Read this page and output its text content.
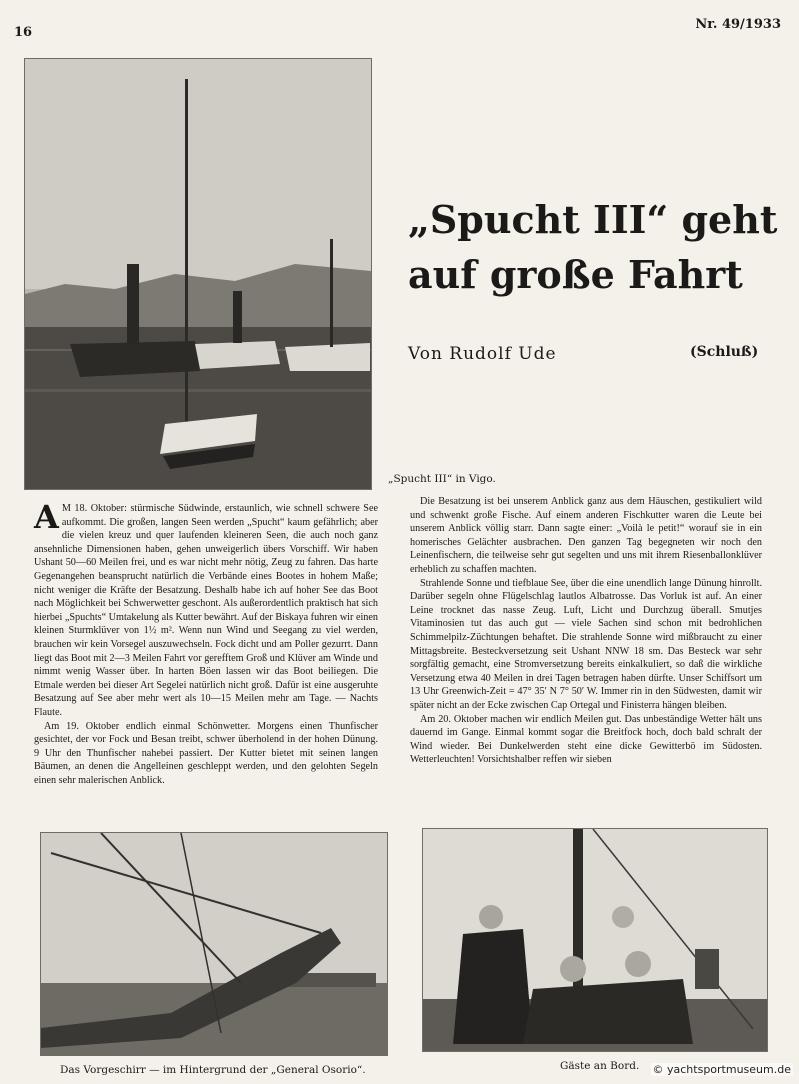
16
Nr. 49/1933
„Spucht III“ geht
auf große Fahrt
Von Rudolf Ude	(Schluß)
„Spucht III“ in Vigo.

A M 18. Oktober: stürmische Südwinde, erstaunlich, wie schnell schwere See aufkommt. Die großen, langen Seen werden „Spucht“ kaum gefährlich; aber die vielen kreuz und quer laufenden kleineren Seen, die auch noch ganz ansehnliche Dimensionen haben, gehen unweigerlich übers Vorschiff. Wir haben Ushant 50—60 Meilen frei, und es war nicht mehr nötig, Zeug zu fahren. Das harte Gegenangehen beansprucht natürlich die Verbände eines Bootes in hohem Maße; nicht weniger die Kräfte der Besatzung. Deshalb habe ich auf hoher See das Boot nach Möglichkeit bei Schwerwetter geschont. Als außerordentlich praktisch hat sich hierbei „Spuchts“ Umtakelung als Kutter bewährt. Auf der Biskaya fuhren wir einen kleinen Sturmklüver von 1½ m². Wenn nun Wind und Seegang zu viel werden, brauchen wir kein Vorsegel auszuwechseln. Fock dicht und am Poller gezurrt. Dann liegt das Boot mit 2—3 Meilen Fahrt vor gerefftem Groß und Klüver am Winde und nimmt wenig Wasser über. In harten Böen lassen wir das Boot beiliegen. Die Etmale werden bei dieser Art Segelei natürlich nicht groß. Dafür ist eine ausgeruhte Besatzung auf See aber mehr wert als 10—15 Meilen mehr am Tage. — Nachts Flaute.

Am 19. Oktober endlich einmal Schönwetter. Morgens einen Thunfischer gesichtet, der vor Fock und Besan treibt, schwer überholend in der hohen Dünung. 9 Uhr den Thunfischer nahebei passiert. Der Kutter bietet mit seinen langen Bäumen, an denen die Angelleinen geschleppt werden, und den gelohten Segeln einen sehr malerischen Anblick.

Die Besatzung ist bei unserem Anblick ganz aus dem Häuschen, gestikuliert wild und schwenkt große Fische. Auf einem anderen Fischkutter waren die Leute bei unserem Anblick völlig starr. Dann sagte einer: „Voilà le petit!“ worauf sie in ein homerisches Gelächter ausbrachen. Den ganzen Tag begegneten wir noch den Leinenfischern, die teilweise sehr gut segelten und uns mit ihrem Riesenballonklüver erheblich zu schaffen machten.

Strahlende Sonne und tiefblaue See, über die eine unendlich lange Dünung hinrollt. Darüber segeln ohne Flügelschlag lautlos Albatrosse. Das Vorluk ist auf. An einer Leine trocknet das nasse Zeug. Luft, Licht und Durchzug überall. Smutjes Vitaminosien tut das auch gut — viele Sachen sind schon mit bedrohlichen Schimmelpilz-Züchtungen behaftet. Die strahlende Sonne wird mißbraucht zu einer Mittagsbreite. Besteckversetzung seit Ushant NNW 18 sm. Das Besteck war sehr sorgfältig gemacht, eine Stromversetzung bereits einkalkuliert, so daß die wirkliche Versetzung etwa 40 Meilen in drei Tagen betragen haben dürfte. Unser Schiffsort um 13 Uhr Greenwich-Zeit = 47° 35′ N 7° 50′ W. Immer rin in den Südwesten, damit wir später nicht an der Ecke zwischen Cap Ortegal und Finisterra hängen bleiben.

Am 20. Oktober machen wir endlich Meilen gut. Das unbeständige Wetter hält uns dauernd im Gange. Einmal kommt sogar die Breitfock hoch, doch bald schralt der Wind wieder. Bei Dunkelwerden steht eine dicke Gewitterbö im Südosten. Wetterleuchten! Vorsichtshalber reffen wir sieben

Das Vorgeschirr — im Hintergrund der „General Osorio“.	Gäste an Bord. © yachtsportmuseum.de
